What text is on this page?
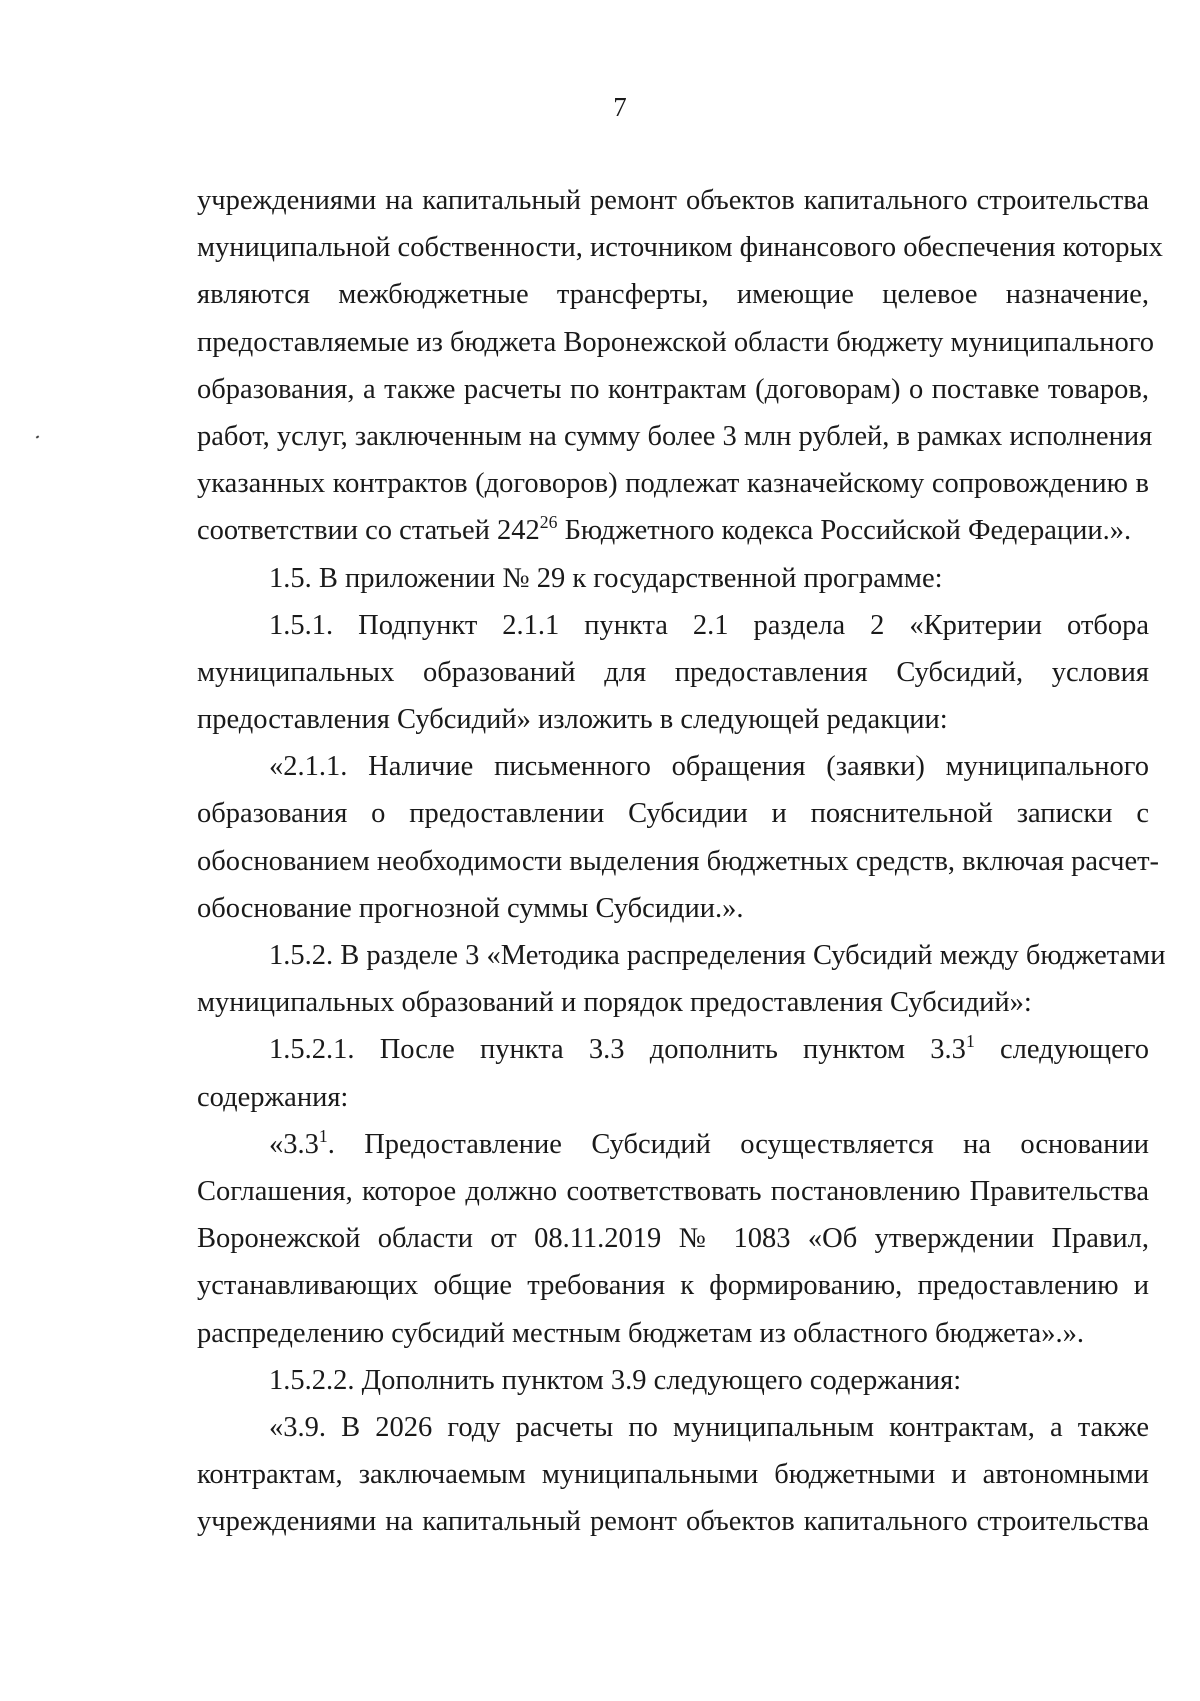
7
учреждениями на капитальный ремонт объектов капитального строительства
муниципальной собственности, источником финансового обеспечения которых
являются межбюджетные трансферты, имеющие целевое назначение,
предоставляемые из бюджета Воронежской области бюджету муниципального
образования, а также расчеты по контрактам (договорам) о поставке товаров,
работ, услуг, заключенным на сумму более 3 млн рублей, в рамках исполнения
указанных контрактов (договоров) подлежат казначейскому сопровождению в
соответствии со статьей $242^{26}$ Бюджетного кодекса Российской Федерации.».
1.5. В приложении № 29 к государственной программе:
1.5.1. Подпункт 2.1.1 пункта 2.1 раздела 2 «Критерии отбора
муниципальных образований для предоставления Субсидий, условия
предоставления Субсидий» изложить в следующей редакции:
«2.1.1. Наличие письменного обращения (заявки) муниципального
образования о предоставлении Субсидии и пояснительной записки с
обоснованием необходимости выделения бюджетных средств, включая расчет-
обоснование прогнозной суммы Субсидии.».
1.5.2. В разделе 3 «Методика распределения Субсидий между бюджетами
муниципальных образований и порядок предоставления Субсидий»:
1.5.2.1. После пункта 3.3 дополнить пунктом $3.3^1$ следующего
содержания:
«$3.3^1$. Предоставление Субсидий осуществляется на основании
Соглашения, которое должно соответствовать постановлению Правительства
Воронежской области от 08.11.2019 № 1083 «Об утверждении Правил,
устанавливающих общие требования к формированию, предоставлению и
распределению субсидий местным бюджетам из областного бюджета».».
1.5.2.2. Дополнить пунктом 3.9 следующего содержания:
«3.9. В 2026 году расчеты по муниципальным контрактам, а также
контрактам, заключаемым муниципальными бюджетными и автономными
учреждениями на капитальный ремонт объектов капитального строительства
